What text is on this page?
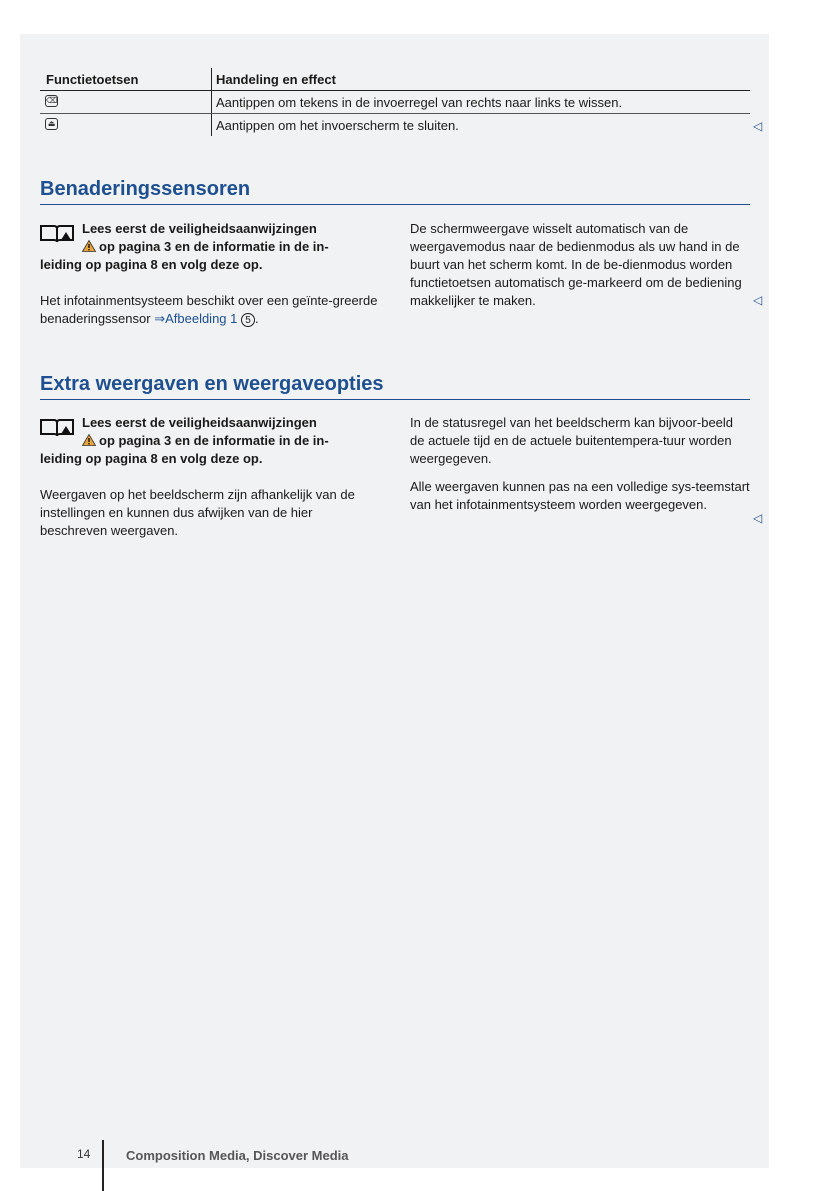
Functietoetsen	Handeling en effect
⌫	Aantippen om tekens in de invoerregel van rechts naar links te wissen.
⏏	Aantippen om het invoerscherm te sluiten.	◁
Benaderingssensoren

Lees eerst de veiligheidsaanwijzingen
op pagina 3 en de informatie in de in-
leiding op pagina 8 en volg deze op.

Het infotainmentsysteem beschikt over een geïnte-greerde benaderingssensor ⇒Afbeelding 1 5 .

De schermweergave wisselt automatisch van de weergavemodus naar de bedienmodus als uw hand in de buurt van het scherm komt. In de be-dienmodus worden functietoetsen automatisch ge-markeerd om de bediening makkelijker te maken.	◁
Extra weergaven en weergaveopties

Lees eerst de veiligheidsaanwijzingen
op pagina 3 en de informatie in de in-
leiding op pagina 8 en volg deze op.

Weergaven op het beeldscherm zijn afhankelijk van de instellingen en kunnen dus afwijken van de hier beschreven weergaven.

In de statusregel van het beeldscherm kan bijvoor-beeld de actuele tijd en de actuele buitentempera-tuur worden weergegeven.

Alle weergaven kunnen pas na een volledige sys-teemstart van het infotainmentsysteem worden weergegeven.

◁
14	Composition Media, Discover Media
